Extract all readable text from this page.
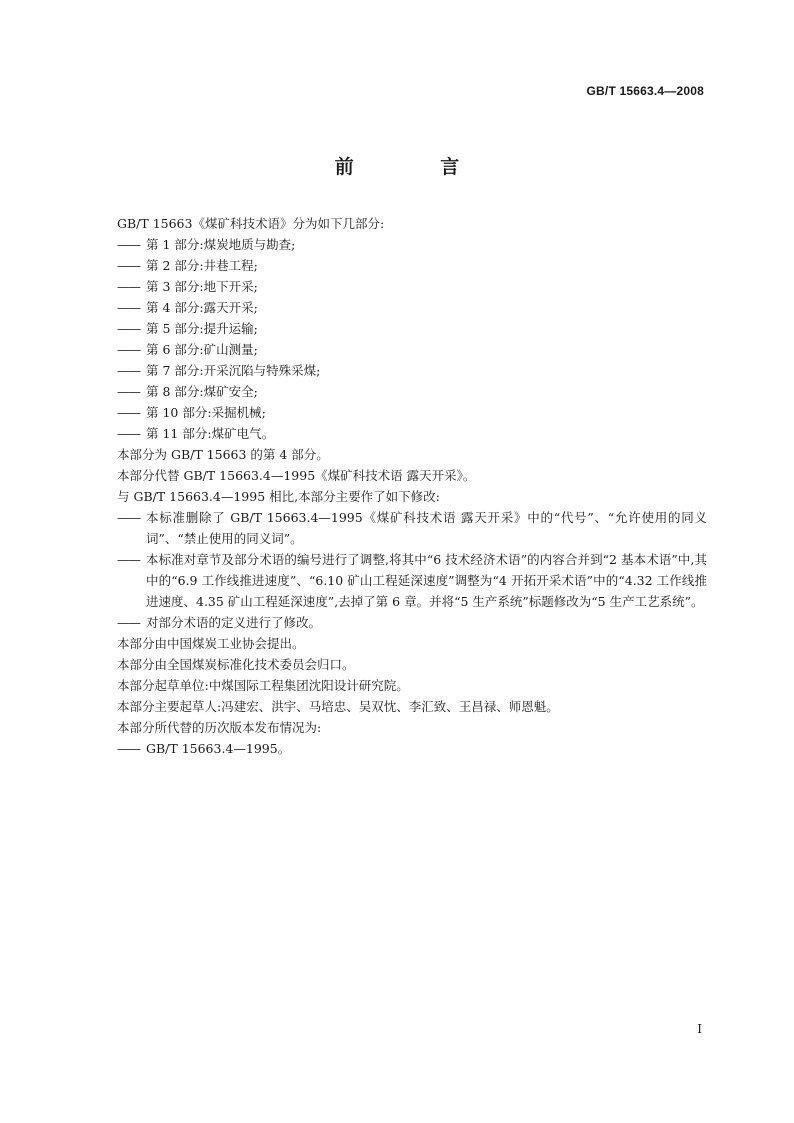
GB/T 15663.4—2008
前 言
GB/T 15663《煤矿科技术语》分为如下几部分:
—— 第 1 部分:煤炭地质与勘查;
—— 第 2 部分:井巷工程;
—— 第 3 部分:地下开采;
—— 第 4 部分:露天开采;
—— 第 5 部分:提升运输;
—— 第 6 部分:矿山测量;
—— 第 7 部分:开采沉陷与特殊采煤;
—— 第 8 部分:煤矿安全;
—— 第 10 部分:采掘机械;
—— 第 11 部分:煤矿电气。
本部分为 GB/T 15663 的第 4 部分。
本部分代替 GB/T 15663.4—1995《煤矿科技术语 露天开采》。
与 GB/T 15663.4—1995 相比,本部分主要作了如下修改:
—— 本标准删除了 GB/T 15663.4—1995《煤矿科技术语 露天开采》中的“代号”、“允许使用的同义词”、“禁止使用的同义词”。
—— 本标准对章节及部分术语的编号进行了调整,将其中“6 技术经济术语”的内容合并到“2 基本术语”中,其中的“6.9 工作线推进速度”、“6.10 矿山工程延深速度”调整为“4 开拓开采术语”中的“4.32 工作线推进速度、4.35 矿山工程延深速度”,去掉了第 6 章。并将“5 生产系统”标题修改为“5 生产工艺系统”。
—— 对部分术语的定义进行了修改。
本部分由中国煤炭工业协会提出。
本部分由全国煤炭标准化技术委员会归口。
本部分起草单位:中煤国际工程集团沈阳设计研究院。
本部分主要起草人:冯建宏、洪宇、马培忠、吴双忱、李汇致、王昌禄、师恩魁。
本部分所代替的历次版本发布情况为:
—— GB/T 15663.4—1995。
I
